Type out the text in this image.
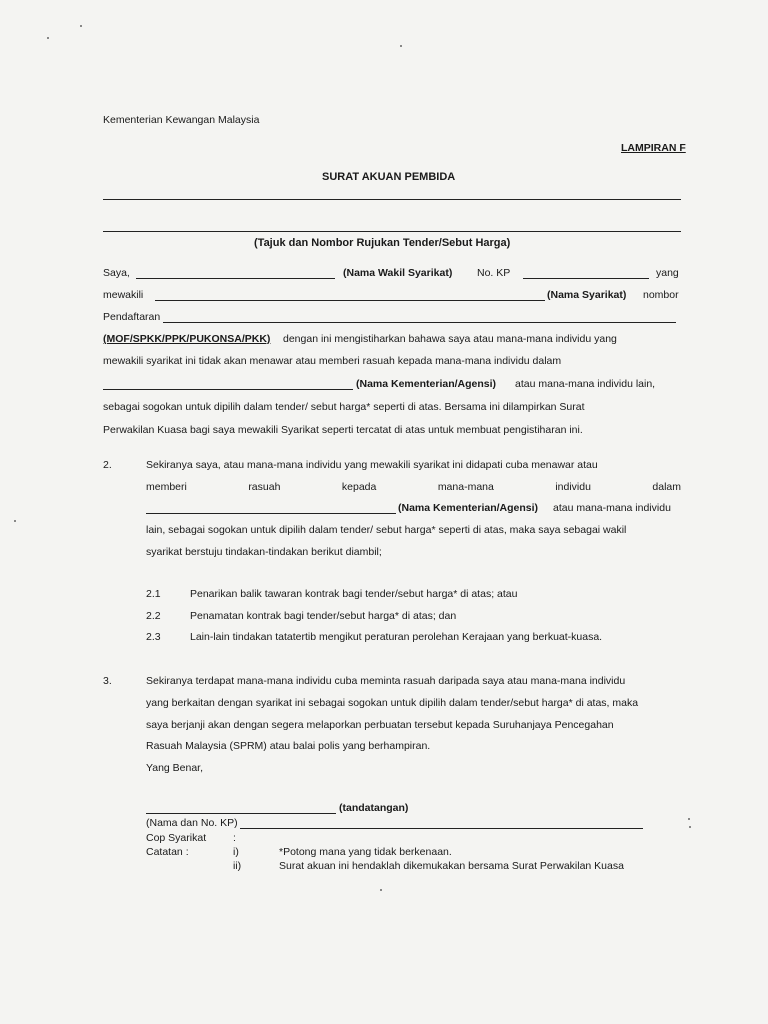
Kementerian Kewangan Malaysia
LAMPIRAN F
SURAT AKUAN PEMBIDA
(Tajuk dan Nombor Rujukan Tender/Sebut Harga)
Saya,	(Nama Wakil Syarikat) No. KP	yang
mewakili	(Nama Syarikat) nombor
Pendaftaran
(MOF/SPKK/PPK/PUKONSA/PKK) dengan ini mengistiharkan bahawa saya atau mana-mana individu yang
mewakili syarikat ini tidak akan menawar atau memberi rasuah kepada mana-mana individu dalam
(Nama Kementerian/Agensi) atau mana-mana individu lain,
sebagai sogokan untuk dipilih dalam tender/ sebut harga* seperti di atas. Bersama ini dilampirkan Surat
Perwakilan Kuasa bagi saya mewakili Syarikat seperti tercatat di atas untuk membuat pengistiharan ini.
2.	Sekiranya saya, atau mana-mana individu yang mewakili syarikat ini didapati cuba menawar atau
memberi	rasuah	kepada	mana-mana	individu	dalam
(Nama Kementerian/Agensi) atau mana-mana individu
lain, sebagai sogokan untuk dipilih dalam tender/ sebut harga* seperti di atas, maka saya sebagai wakil
syarikat berstuju tindakan-tindakan berikut diambil;
2.1	Penarikan balik tawaran kontrak bagi tender/sebut harga* di atas; atau
2.2	Penamatan kontrak bagi tender/sebut harga* di atas; dan
2.3	Lain-lain tindakan tatatertib mengikut peraturan perolehan Kerajaan yang berkuat-kuasa.
3.	Sekiranya terdapat mana-mana individu cuba meminta rasuah daripada saya atau mana-mana individu
yang berkaitan dengan syarikat ini sebagai sogokan untuk dipilih dalam tender/sebut harga* di atas, maka
saya berjanji akan dengan segera melaporkan perbuatan tersebut kepada Suruhanjaya Pencegahan
Rasuah Malaysia (SPRM) atau balai polis yang berhampiran.
Yang Benar,
(tandatangan)
(Nama dan No. KP)
Cop Syarikat	:
Catatan :	i)	*Potong mana yang tidak berkenaan.
ii)	Surat akuan ini hendaklah dikemukakan bersama Surat Perwakilan Kuasa
